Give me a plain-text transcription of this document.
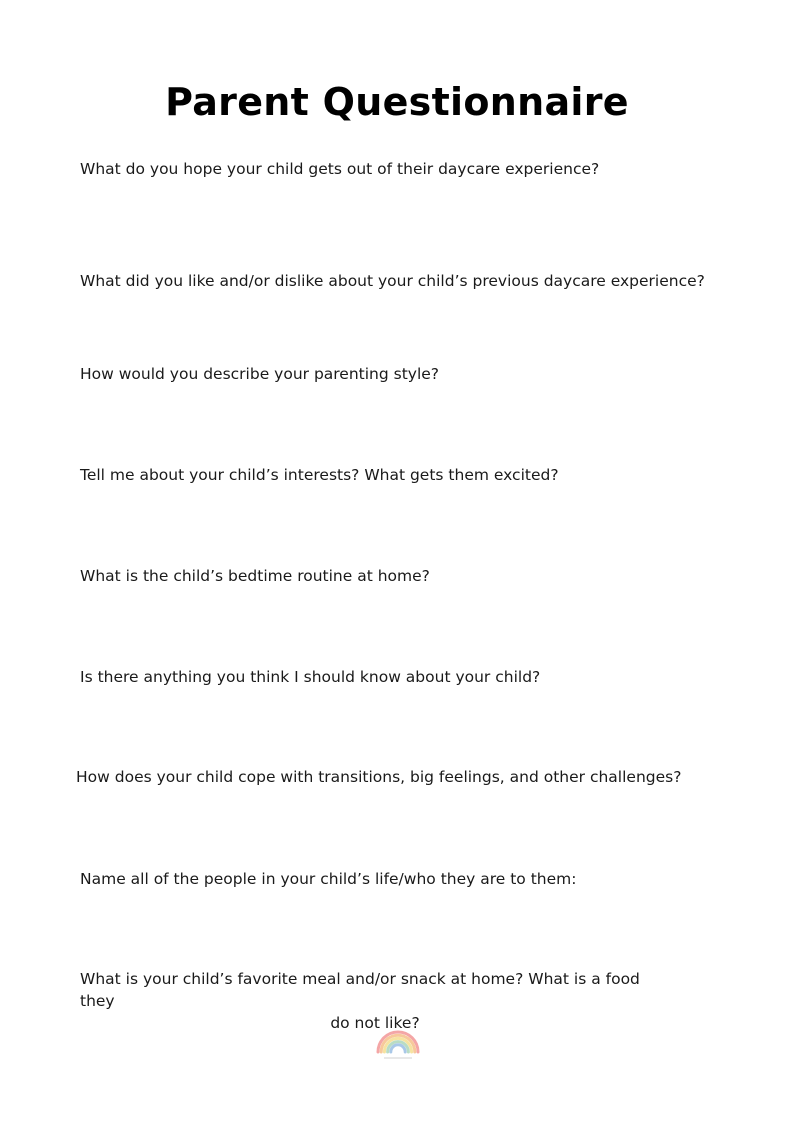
Parent Questionnaire
What do you hope your child gets out of their daycare experience?
What did you like and/or dislike about your child’s previous daycare experience?
How would you describe your parenting style?
Tell me about your child’s interests? What gets them excited?
What is the child’s bedtime routine at home?
Is there anything you think I should know about your child?
How does your child cope with transitions, big feelings, and other challenges?
Name all of the people in your child’s life/who they are to them:
What is your child’s favorite meal and/or snack at home? What is a food they
do not like?
